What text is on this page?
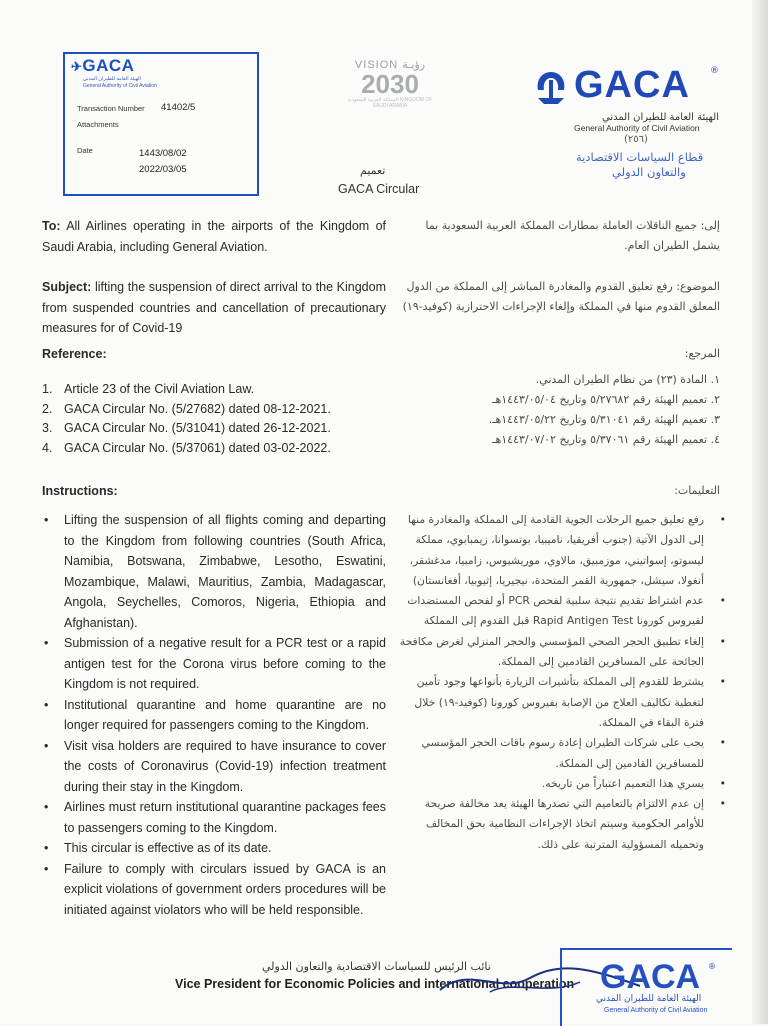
✈GACA
الهيئة العامة للطيران المدني
General Authority of Civil Aviation
Transaction Number 41402/5
Attachments
Date	1443/08/02
2022/03/05
VISION رؤيـة
2030
المملكة العربية السعودية KINGDOM OF SAUDI ARABIA	GACA ®
الهيئة العامة للطيران المدني
General Authority of Civil Aviation
(٢٥٦)
قطاع السياسات الاقتصادية
والتعاون الدولي
تعميم
GACA Circular
To: All Airlines operating in the airports of the Kingdom of Saudi Arabia, including General Aviation.
إلى: جميع الناقلات العاملة بمطارات المملكة العربية السعودية بما يشمل الطيران العام.
Subject: lifting the suspension of direct arrival to the Kingdom from suspended countries and cancellation of precautionary measures for of Covid-19
الموضوع: رفع تعليق القدوم والمغادرة المباشر إلى المملكة من الدول المعلق القدوم منها في المملكة وإلغاء الإجراءات الاحترازية (كوفيد-١٩)
Reference:	المرجع:
1. Article 23 of the Civil Aviation Law.
2. GACA Circular No. (5/27682) dated 08-12-2021.
3. GACA Circular No. (5/31041) dated 26-12-2021.
4. GACA Circular No. (5/37061) dated 03-02-2022.
١. المادة (٢٣) من نظام الطيران المدني.
٢. تعميم الهيئة رقم ٥/٢٧٦٨٢ وتاريخ ١٤٤٣/٠٥/٠٤هـ
٣. تعميم الهيئة رقم ٥/٣١٠٤١ وتاريخ ١٤٤٣/٠٥/٢٢هـ.
٤. تعميم الهيئة رقم ٥/٣٧٠٦١ وتاريخ ١٤٤٣/٠٧/٠٢هـ
Instructions:	التعليمات:
• Lifting the suspension of all flights coming and departing to the Kingdom from following countries (South Africa, Namibia, Botswana, Zimbabwe, Lesotho, Eswatini, Mozambique, Malawi, Mauritius, Zambia, Madagascar, Angola, Seychelles, Comoros, Nigeria, Ethiopia and Afghanistan).
• Submission of a negative result for a PCR test or a rapid antigen test for the Corona virus before coming to the Kingdom is not required.
• Institutional quarantine and home quarantine are no longer required for passengers coming to the Kingdom.
• Visit visa holders are required to have insurance to cover the costs of Coronavirus (Covid-19) infection treatment during their stay in the Kingdom.
• Airlines must return institutional quarantine packages fees to passengers coming to the Kingdom.
• This circular is effective as of its date.
• Failure to comply with circulars issued by GACA is an explicit violations of government orders procedures will be initiated against violators who will be held responsible.
• رفع تعليق جميع الرحلات الجوية القادمة إلى المملكة والمغادرة منها إلى الدول الآتية (جنوب أفريقيا، ناميبيا، بوتسوانا، زيمبابوي، مملكة ليسوتو، إسواتيني، موزمبيق، مالاوي، موريشيوس، زامبيا، مدغشقر، أنغولا، سيشل، جمهورية القمر المتحدة، نيجيريا، إثيوبيا، أفغانستان)
• عدم اشتراط تقديم نتيجة سلبية لفحص PCR أو لفحص المستضدات لفيروس كورونا Rapid Antigen Test قبل القدوم إلى المملكة
• إلغاء تطبيق الحجر الصحي المؤسسي والحجر المنزلي لغرض مكافحة الجائحة على المسافرين القادمين إلى المملكة.
• يشترط للقدوم إلى المملكة بتأشيرات الزيارة بأنواعها وجود تأمين لتغطية تكاليف العلاج من الإصابة بفيروس كورونا (كوفيد-١٩) خلال فترة البقاء في المملكة.
• يجب على شركات الطيران إعادة رسوم باقات الحجر المؤسسي للمسافرين القادمين إلى المملكة.
• يسري هذا التعميم اعتباراً من تاريخه.
• إن عدم الالتزام بالتعاميم التي تصدرها الهيئة يعد مخالفة صريحة للأوامر الحكومية وسيتم اتخاذ الإجراءات النظامية بحق المخالف وتحميله المسؤولية المترتبة على ذلك.
نائب الرئيس للسياسات الاقتصادية والتعاون الدولي
Vice President for Economic Policies and international cooperation GACA ®
الهيئة العامة للطيران المدني
General Authority of Civil Aviation
